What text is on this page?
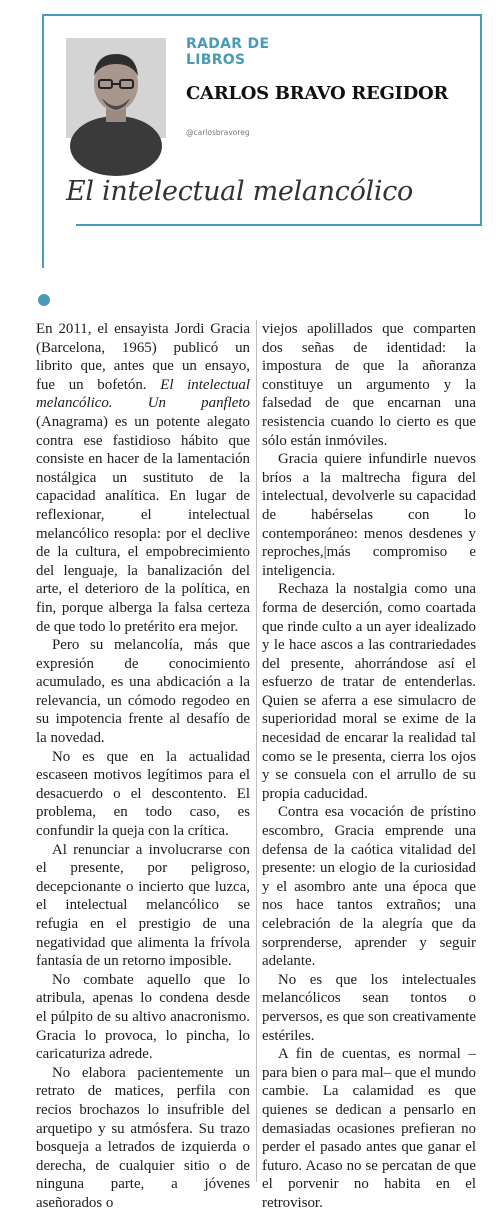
RADAR DE LIBROS
CARLOS BRAVO REGIDOR
@carlosbravoreg
El intelectual melancólico

En 2011, el ensayista Jordi Gracia (Barcelona, 1965) publicó un librito que, antes que un ensayo, fue un bofetón. El intelectual melancólico. Un panfleto (Anagrama) es un potente alegato contra ese fastidioso hábito que consiste en hacer de la lamentación nostálgica un sustituto de la capacidad analítica. En lugar de reflexionar, el intelectual melancólico resopla: por el declive de la cultura, el empobrecimiento del lenguaje, la banalización del arte, el deterioro de la política, en fin, porque alberga la falsa certeza de que todo lo pretérito era mejor.

Pero su melancolía, más que expresión de conocimiento acumulado, es una abdicación a la relevancia, un cómodo regodeo en su impotencia frente al desafío de la novedad.

No es que en la actualidad escaseen motivos legítimos para el desacuerdo o el descontento. El problema, en todo caso, es confundir la queja con la crítica.

Al renunciar a involucrarse con el presente, por peligroso, decepcionante o incierto que luzca, el intelectual melancólico se refugia en el prestigio de una negatividad que alimenta la frívola fantasía de un retorno imposible.

No combate aquello que lo atribula, apenas lo condena desde el púlpito de su altivo anacronismo. Gracia lo provoca, lo pincha, lo caricaturiza adrede.

No elabora pacientemente un retrato de matices, perfila con recios brochazos lo insufrible del arquetipo y su atmósfera. Su trazo bosqueja a letrados de izquierda o derecha, de cualquier sitio o de ninguna parte, a jóvenes aseñorados o

viejos apolillados que comparten dos señas de identidad: la impostura de que la añoranza constituye un argumento y la falsedad de que encarnan una resistencia cuando lo cierto es que sólo están inmóviles.

Gracia quiere infundirle nuevos bríos a la maltrecha figura del intelectual, devolverle su capacidad de habérselas con lo contemporáneo: menos desdenes y reproches,|más compromiso e inteligencia.

Rechaza la nostalgia como una forma de deserción, como coartada que rinde culto a un ayer idealizado y le hace ascos a las contrariedades del presente, ahorrándose así el esfuerzo de tratar de entenderlas. Quien se aferra a ese simulacro de superioridad moral se exime de la necesidad de encarar la realidad tal como se le presenta, cierra los ojos y se consuela con el arrullo de su propia caducidad.

Contra esa vocación de prístino escombro, Gracia emprende una defensa de la caótica vitalidad del presente: un elogio de la curiosidad y el asombro ante una época que nos hace tantos extraños; una celebración de la alegría que da sorprenderse, aprender y seguir adelante.

No es que los intelectuales melancólicos sean tontos o perversos, es que son creativamente estériles.

A fin de cuentas, es normal –para bien o para mal– que el mundo cambie. La calamidad es que quienes se dedican a pensarlo en demasiadas ocasiones prefieran no perder el pasado antes que ganar el futuro. Acaso no se percatan de que el porvenir no habita en el retrovisor.
